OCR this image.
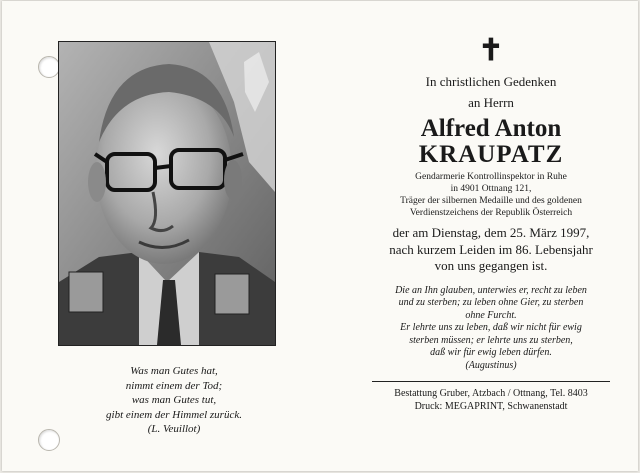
Was man Gutes hat,
nimmt einem der Tod;
was man Gutes tut,
gibt einem der Himmel zurück.
(L. Veuillot)
✝
In christlichen Gedenken
an Herrn
Alfred Anton
KRAUPATZ
Gendarmerie Kontrollinspektor in Ruhe
in 4901 Ottnang 121,
Träger der silbernen Medaille und des goldenen
Verdienstzeichens der Republik Österreich
der am Dienstag, dem 25. März 1997,
nach kurzem Leiden im 86. Lebensjahr
von uns gegangen ist.
Die an Ihn glauben, unterwies er, recht zu leben
und zu sterben; zu leben ohne Gier, zu sterben
ohne Furcht.
Er lehrte uns zu leben, daß wir nicht für ewig
sterben müssen; er lehrte uns zu sterben,
daß wir für ewig leben dürfen.
(Augustinus)
Bestattung Gruber, Atzbach / Ottnang, Tel. 8403
Druck: MEGAPRINT, Schwanenstadt
